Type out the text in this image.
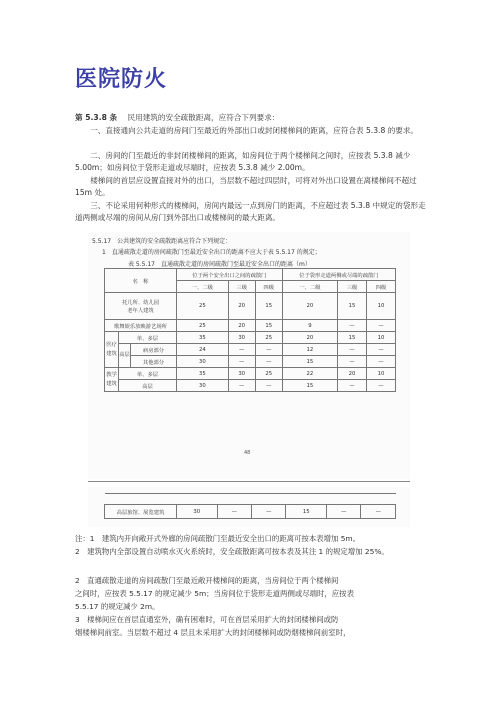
医院防火
第 5.3.8 条 民用建筑的安全疏散距离，应符合下列要求：
一、直接通向公共走道的房间门至最近的外部出口或封闭楼梯间的距离，应符合表 5.3.8 的要求。
二、房间的门至最近的非封闭楼梯间的距离，如房间位于两个楼梯间之间时，应按表 5.3.8 减少 5.00m；如房间位于袋形走道或尽端时，应按表 5.3.8 减少 2.00m。
楼梯间的首层应设置直接对外的出口，当层数不超过四层时，可将对外出口设置在离楼梯间不超过 15m 处。
三、不论采用何种形式的楼梯间，房间内最远一点到房门的距离，不应超过表 5.3.8 中规定的袋形走道两侧或尽端的房间从房门到外部出口或楼梯间的最大距离。
5.5.17　公共建筑的安全疏散距离应符合下列规定：
1　直通疏散走道的房间疏散门至最近安全出口的距离不应大于表 5.5.17 的规定；
表 5.5.17　直通疏散走道的房间疏散门至最近安全出口的距离（m）
名　称			位于两个安全出口之间的疏散门			位于袋形走道两侧或尽端的疏散门		
			一、二级	三级	四级	一、二级	三级	四级
托儿所、幼儿园
老年人建筑			25	20	15	20	15	10
歌舞娱乐放映游艺场所			25	20	15	9	—	—
医疗建筑	单、多层		35	30	25	20	15	10
	高层	病房部分	24	—	—	12	—	—
		其他部分	30	—	—	15	—	—
教学建筑	单、多层		35	30	25	22	20	10
	高层		30	—	—	15	—	—
48

高层旅馆、展览建筑	30	—	—	15	—	—
注：1　建筑内开向敞开式外廊的房间疏散门至最近安全出口的距离可按本表增加 5m。
2　建筑物内全部设置自动喷水灭火系统时，安全疏散距离可按本表及其注 1 的规定增加 25%。
2　直通疏散走道的房间疏散门至最近敞开楼梯间的距离，当房间位于两个楼梯间
之间时，应按表 5.5.17 的规定减少 5m；当房间位于袋形走道两侧或尽端时，应按表
5.5.17 的规定减少 2m。
3　楼梯间应在首层直通室外，确有困难时，可在首层采用扩大的封闭楼梯间或防
烟楼梯间前室。当层数不超过 4 层且未采用扩大的封闭楼梯间或防烟楼梯间前室时，
